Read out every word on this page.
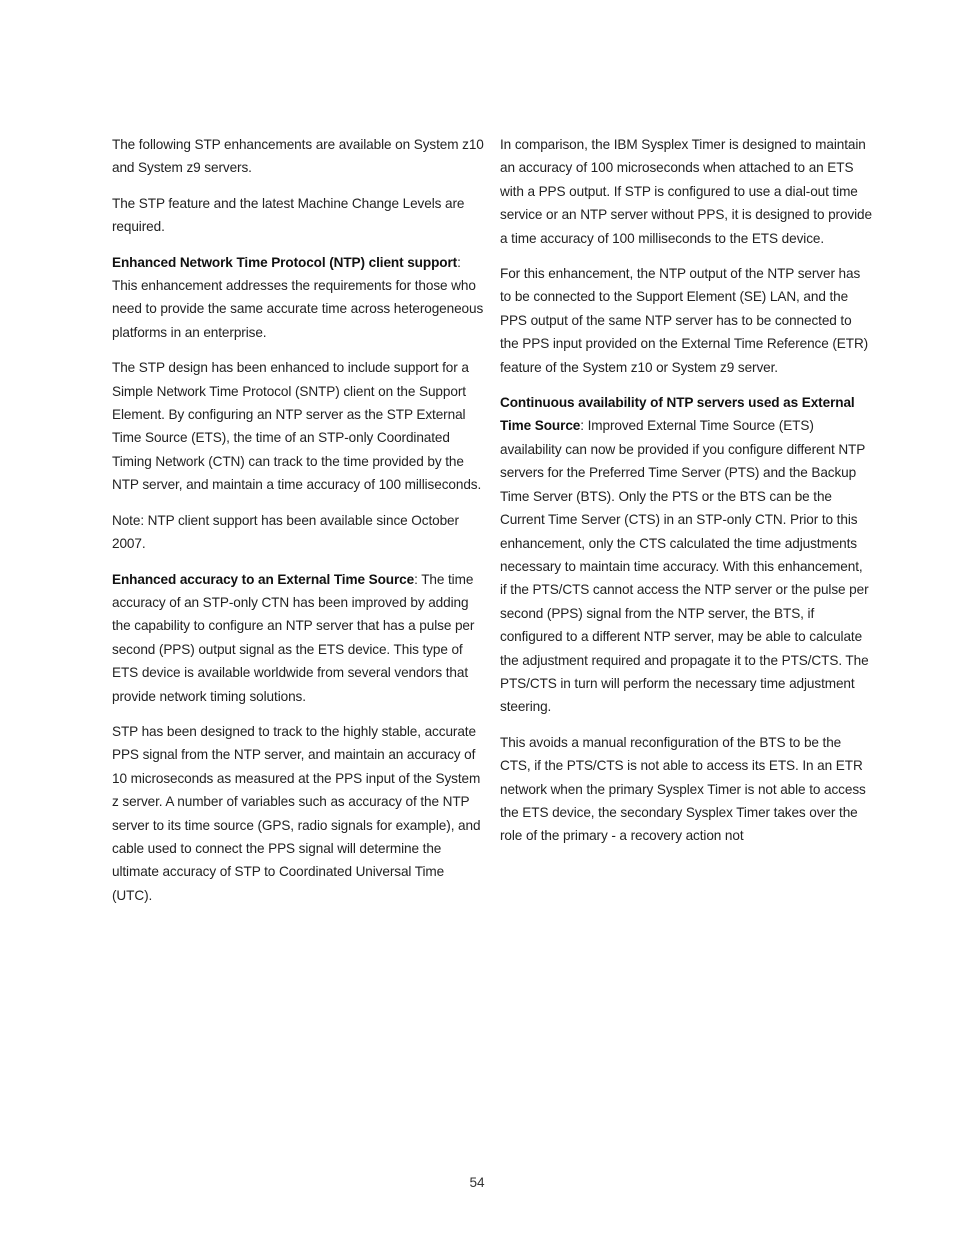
The following STP enhancements are available on System z10 and System z9 servers.

The STP feature and the latest Machine Change Levels are required.

Enhanced Network Time Protocol (NTP) client support: This enhancement addresses the requirements for those who need to provide the same accurate time across heterogeneous platforms in an enterprise.

The STP design has been enhanced to include support for a Simple Network Time Protocol (SNTP) client on the Support Element. By configuring an NTP server as the STP External Time Source (ETS), the time of an STP-only Coordinated Timing Network (CTN) can track to the time provided by the NTP server, and maintain a time accuracy of 100 milliseconds.

Note: NTP client support has been available since October 2007.

Enhanced accuracy to an External Time Source: The time accuracy of an STP-only CTN has been improved by adding the capability to configure an NTP server that has a pulse per second (PPS) output signal as the ETS device. This type of ETS device is available worldwide from several vendors that provide network timing solutions.

STP has been designed to track to the highly stable, accurate PPS signal from the NTP server, and maintain an accuracy of 10 microseconds as measured at the PPS input of the System z server. A number of variables such as accuracy of the NTP server to its time source (GPS, radio signals for example), and cable used to connect the PPS signal will determine the ultimate accuracy of STP to Coordinated Universal Time (UTC).

In comparison, the IBM Sysplex Timer is designed to maintain an accuracy of 100 microseconds when attached to an ETS with a PPS output. If STP is configured to use a dial-out time service or an NTP server without PPS, it is designed to provide a time accuracy of 100 milliseconds to the ETS device.

For this enhancement, the NTP output of the NTP server has to be connected to the Support Element (SE) LAN, and the PPS output of the same NTP server has to be connected to the PPS input provided on the External Time Reference (ETR) feature of the System z10 or System z9 server.

Continuous availability of NTP servers used as External Time Source: Improved External Time Source (ETS) availability can now be provided if you configure different NTP servers for the Preferred Time Server (PTS) and the Backup Time Server (BTS). Only the PTS or the BTS can be the Current Time Server (CTS) in an STP-only CTN. Prior to this enhancement, only the CTS calculated the time adjustments necessary to maintain time accuracy. With this enhancement, if the PTS/CTS cannot access the NTP server or the pulse per second (PPS) signal from the NTP server, the BTS, if configured to a different NTP server, may be able to calculate the adjustment required and propagate it to the PTS/CTS. The PTS/CTS in turn will perform the necessary time adjustment steering.

This avoids a manual reconfiguration of the BTS to be the CTS, if the PTS/CTS is not able to access its ETS. In an ETR network when the primary Sysplex Timer is not able to access the ETS device, the secondary Sysplex Timer takes over the role of the primary - a recovery action not

54
